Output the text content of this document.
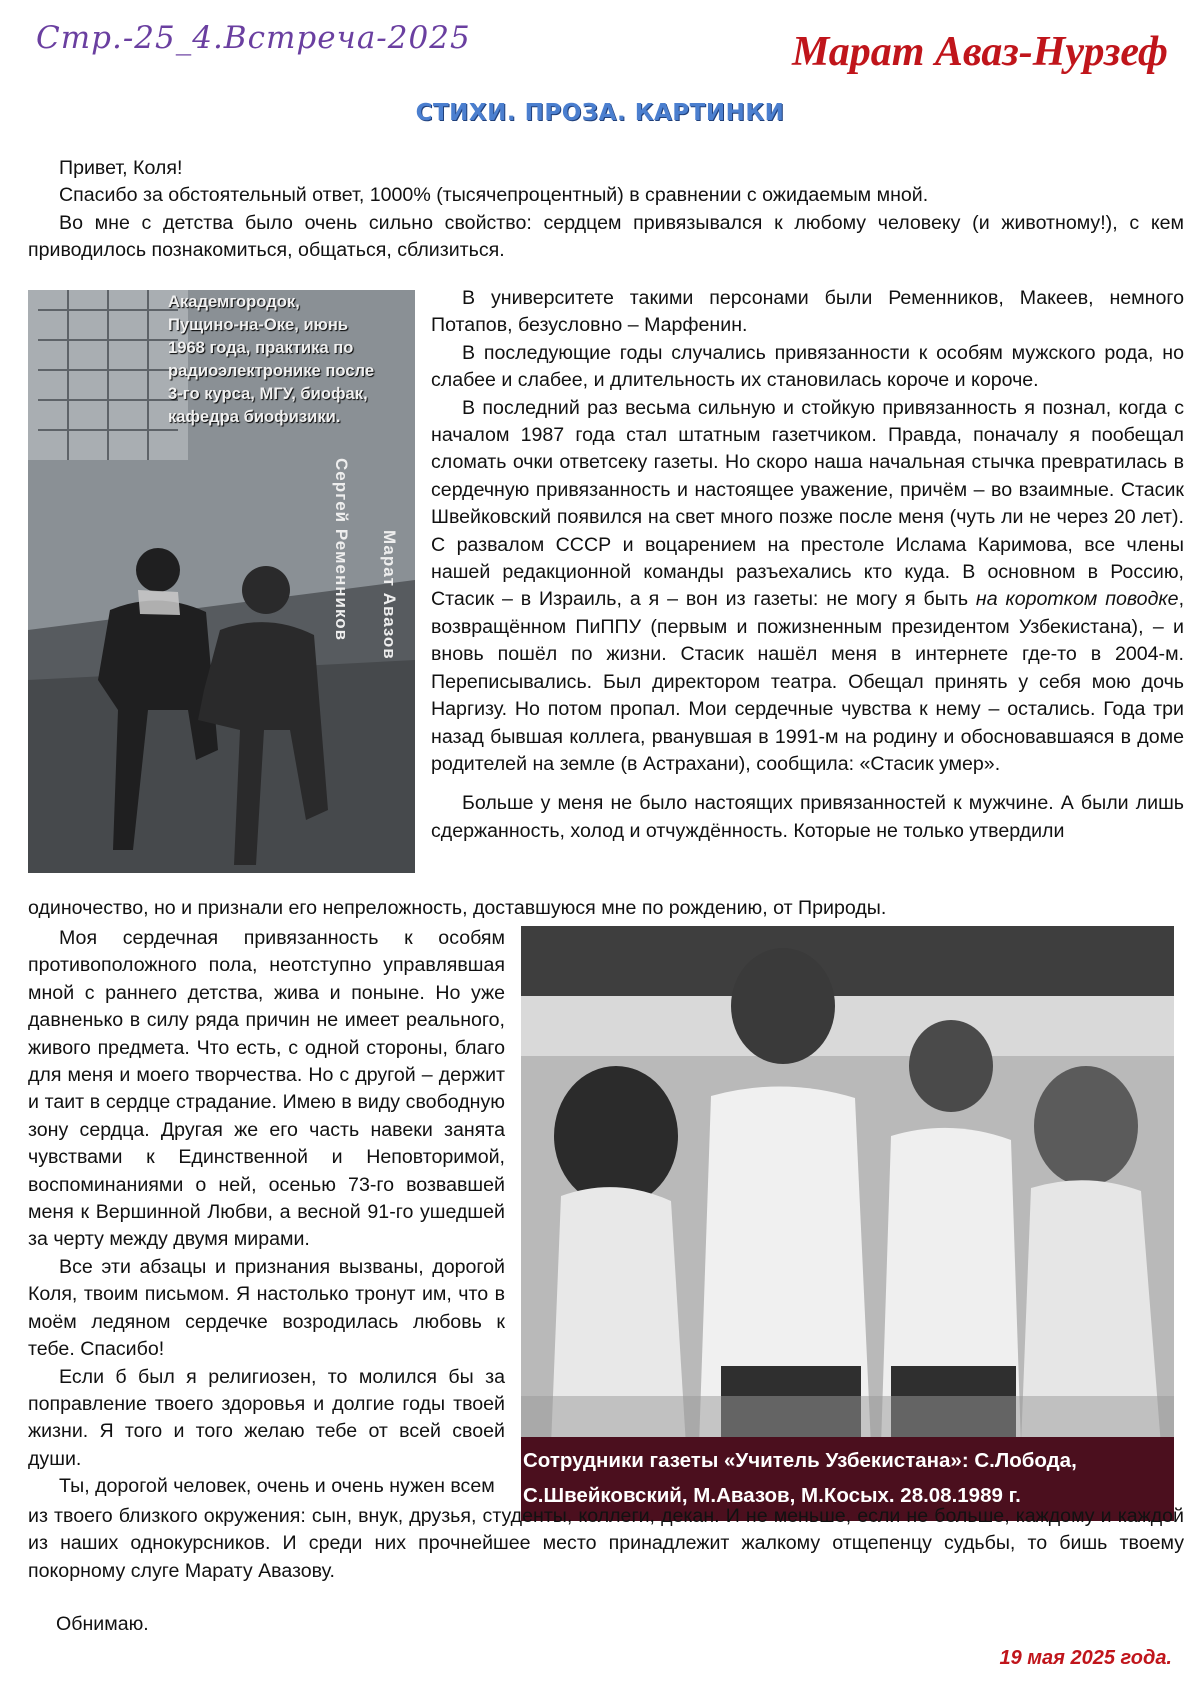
Стр.-25_4.Встреча-2025	Марат Аваз-Нурзеф
СТИХИ. ПРОЗА. КАРТИНКИ

Привет, Коля!

Спасибо за обстоятельный ответ, 1000% (тысячепроцентный) в сравнении с ожидаемым мной.

Во мне с детства было очень сильно свойство: сердцем привязывался к любому человеку (и животному!), с кем приводилось познакомиться, общаться, сблизиться.

Академгородок,
Пущино-на-Оке, июнь
1968 года, практика по
радиоэлектронике после
3-го курса, МГУ, биофак,
кафедра биофизики.
Сергей Ременников Марат Авазов

В университете такими персонами были Ременников, Макеев, немного Потапов, безусловно – Марфенин.

В последующие годы случались привязанности к особям мужского рода, но слабее и слабее, и длительность их становилась короче и короче.

В последний раз весьма сильную и стойкую привязанность я познал, когда с началом 1987 года стал штатным газетчиком. Правда, поначалу я пообещал сломать очки ответсеку газеты. Но скоро наша начальная стычка превратилась в сердечную привязанность и настоящее уважение, причём – во взаимные. Стасик Швейковский появился на свет много позже после меня (чуть ли не через 20 лет). С развалом СССР и воцарением на престоле Ислама Каримова, все члены нашей редакционной команды разъехались кто куда. В основном в Россию, Стасик – в Израиль, а я – вон из газеты: не могу я быть на коротком поводке, возвращённом ПиППУ (первым и пожизненным президентом Узбекистана), – и вновь пошёл по жизни. Стасик нашёл меня в интернете где-то в 2004-м. Переписывались. Был директором театра. Обещал принять у себя мою дочь Наргизу. Но потом пропал. Мои сердечные чувства к нему – остались. Года три назад бывшая коллега, рванувшая в 1991-м на родину и обосновавшаяся в доме родителей на земле (в Астрахани), сообщила: «Стасик умер».

Больше у меня не было настоящих привязанностей к мужчине. А были лишь сдержанность, холод и отчуждённость. Которые не только утвердили

одиночество, но и признали его непреложность, доставшуюся мне по рождению, от Природы.

Моя сердечная привязанность к особям противоположного пола, неотступно управлявшая мной с раннего детства, жива и поныне. Но уже давненько в силу ряда причин не имеет реального, живого предмета. Что есть, с одной стороны, благо для меня и моего творчества. Но с другой – держит и таит в сердце страдание. Имею в виду свободную зону сердца. Другая же его часть навеки занята чувствами к Единственной и Неповторимой, воспоминаниями о ней, осенью 73-го возвавшей меня к Вершинной Любви, а весной 91-го ушедшей за черту между двумя мирами.

Все эти абзацы и признания вызваны, дорогой Коля, твоим письмом. Я настолько тронут им, что в моём ледяном сердечке возродилась любовь к тебе. Спасибо!

Если б был я религиозен, то молился бы за поправление твоего здоровья и долгие годы твоей жизни. Я того и того желаю тебе от всей своей души.

Ты, дорогой человек, очень и очень нужен всем

Сотрудники газеты «Учитель Узбекистана»: С.Лобода,
С.Швейковский, М.Авазов, М.Косых. 28.08.1989 г.

из твоего близкого окружения: сын, внук, друзья, студенты, коллеги, декан. И не меньше, если не больше, каждому и каждой из наших однокурсников. И среди них прочнейшее место принадлежит жалкому отщепенцу судьбы, то бишь твоему покорному слуге Марату Авазову.

Обнимаю.
19 мая 2025 года.
